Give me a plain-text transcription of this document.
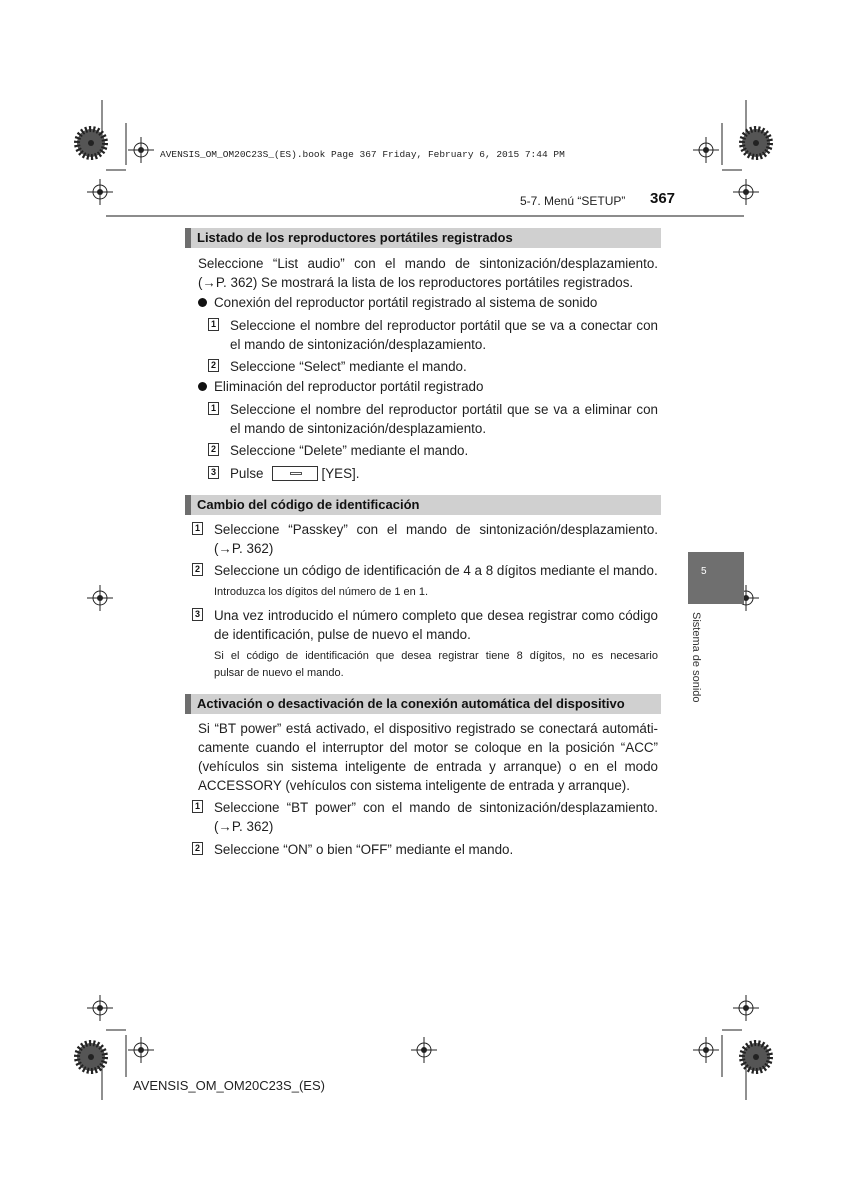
AVENSIS_OM_OM20C23S_(ES).book Page 367 Friday, February 6, 2015 7:44 PM
5-7. Menú “SETUP” 367
Listado de los reproductores portátiles registrados
Seleccione “List audio” con el mando de sintonización/desplazamiento.
(→P. 362) Se mostrará la lista de los reproductores portátiles registrados.
Conexión del reproductor portátil registrado al sistema de sonido
1 Seleccione el nombre del reproductor portátil que se va a conectar con
el mando de sintonización/desplazamiento.
2 Seleccione “Select” mediante el mando.
Eliminación del reproductor portátil registrado
1 Seleccione el nombre del reproductor portátil que se va a eliminar con
el mando de sintonización/desplazamiento.
2 Seleccione “Delete” mediante el mando.
3 Pulse	[YES].
Cambio del código de identificación
1 Seleccione “Passkey” con el mando de sintonización/desplazamiento.
(→P. 362)
2 Seleccione un código de identificación de 4 a 8 dígitos mediante el mando.
Introduzca los dígitos del número de 1 en 1.
3 Una vez introducido el número completo que desea registrar como código
de identificación, pulse de nuevo el mando.
Si el código de identificación que desea registrar tiene 8 dígitos, no es necesario
pulsar de nuevo el mando.
Activación o desactivación de la conexión automática del dispositivo
Si “BT power” está activado, el dispositivo registrado se conectará automáti-
camente cuando el interruptor del motor se coloque en la posición “ACC”
(vehículos sin sistema inteligente de entrada y arranque) o en el modo
ACCESSORY (vehículos con sistema inteligente de entrada y arranque).
1 Seleccione “BT power” con el mando de sintonización/desplazamiento.
(→P. 362)
2 Seleccione “ON” o bien “OFF” mediante el mando.
5
Sistema de sonido
AVENSIS_OM_OM20C23S_(ES)
